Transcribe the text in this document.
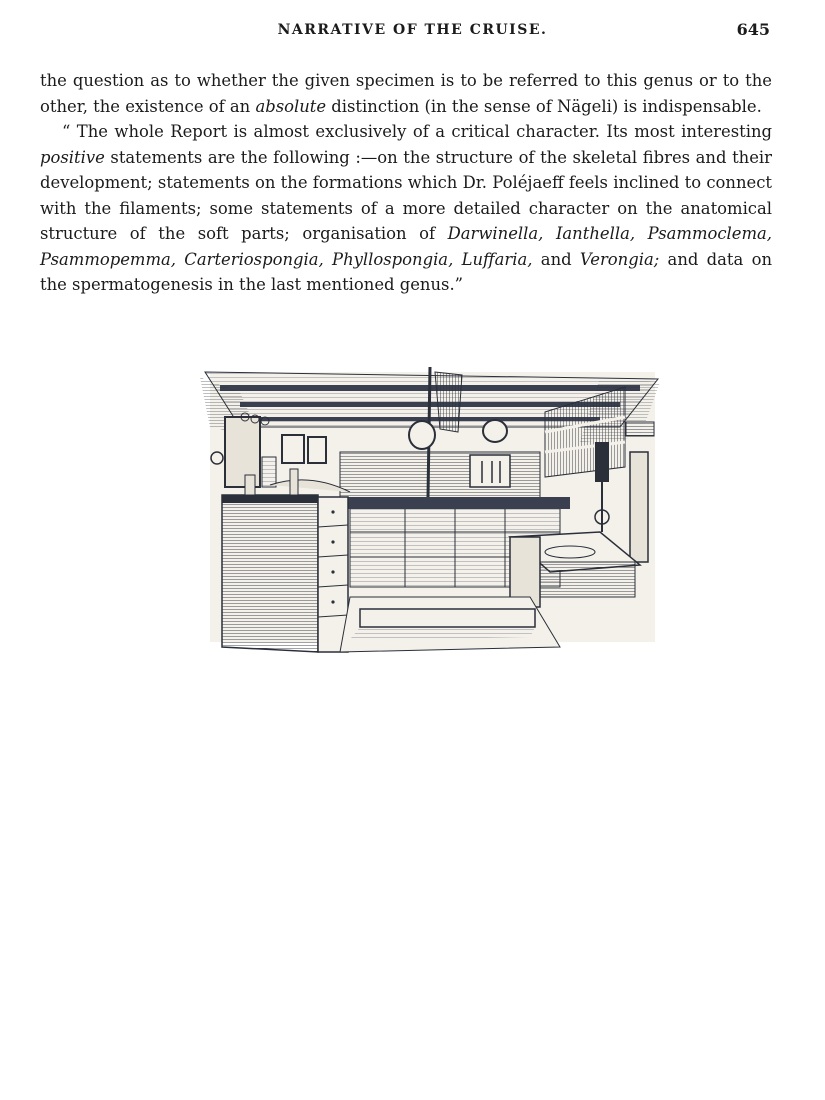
NARRATIVE OF THE CRUISE.	645

the question as to whether the given specimen is to be referred to this genus or to the other, the existence of an absolute distinction (in the sense of Nägeli) is indispensable.

“ The whole Report is almost exclusively of a critical character. Its most interesting positive statements are the following :—on the structure of the skeletal fibres and their development; statements on the formations which Dr. Poléjaeff feels inclined to connect with the filaments; some statements of a more detailed character on the anatomical structure of the soft parts; organisation of Darwinella, Ianthella, Psammoclema, Psammopemma, Carteriospongia, Phyllospongia, Luffaria, and Verongia; and data on the spermatogenesis in the last mentioned genus.”
